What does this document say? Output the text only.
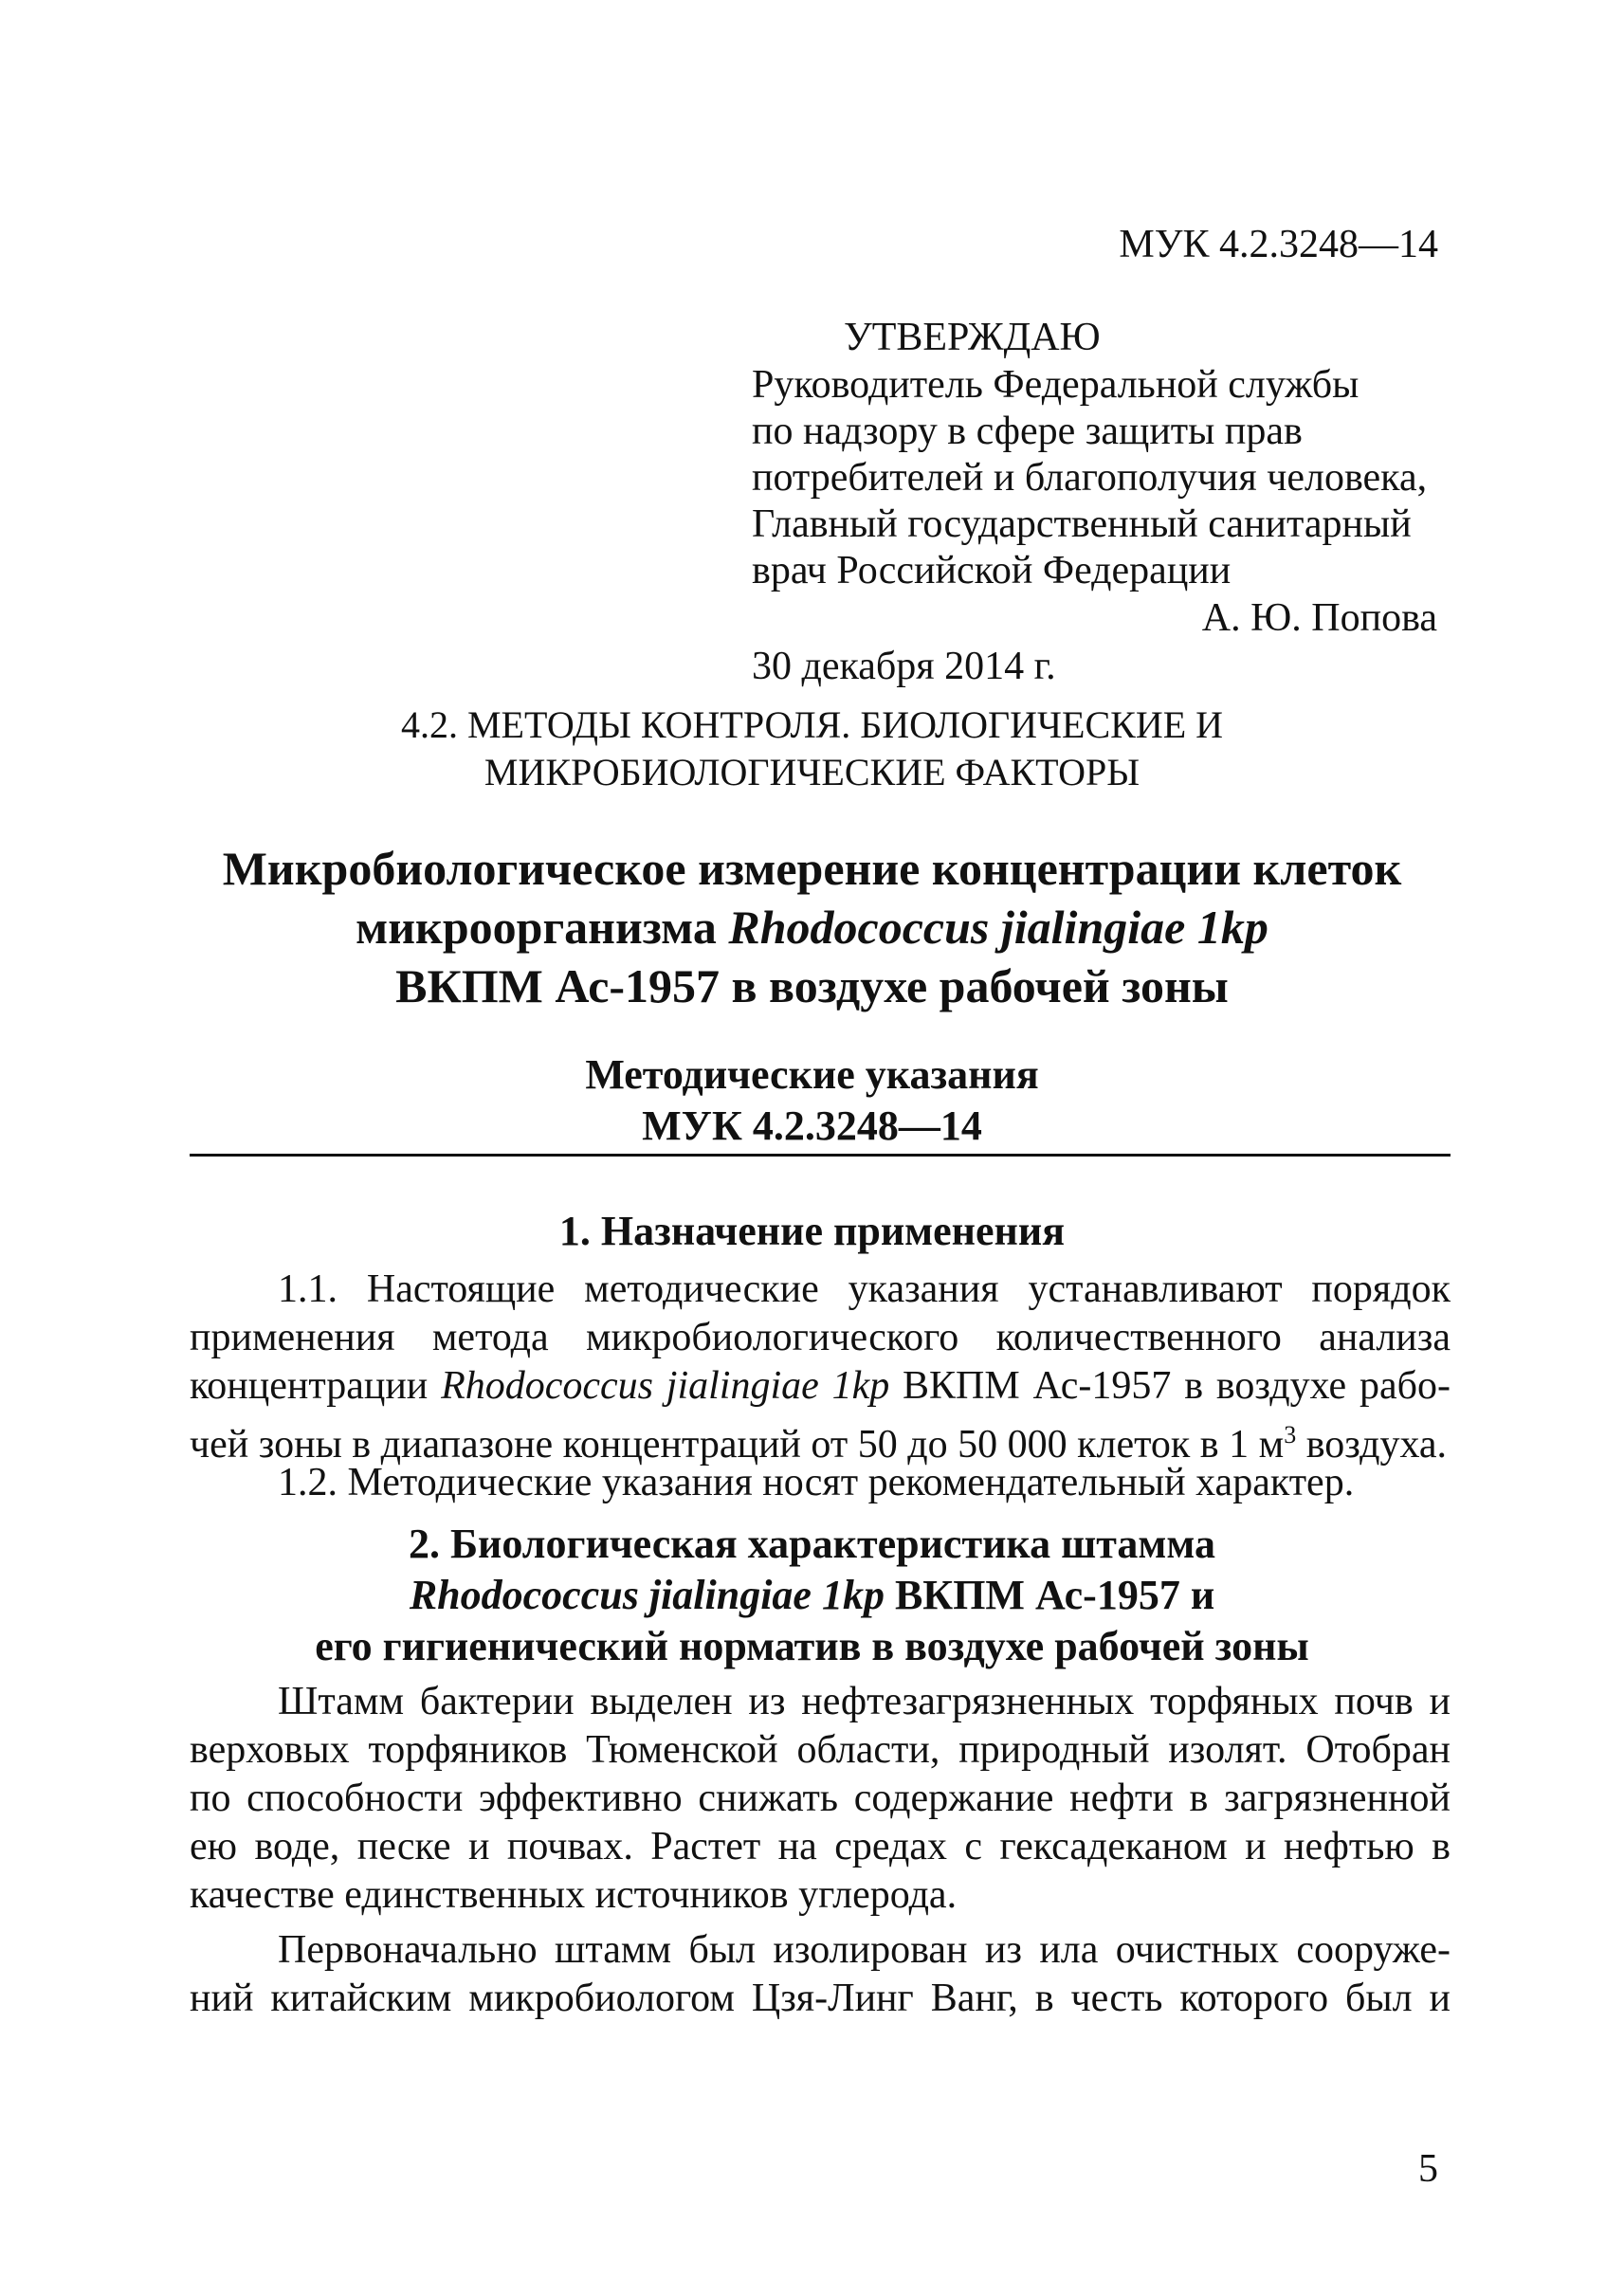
МУК 4.2.3248—14
УТВЕРЖДАЮ
Руководитель Федеральной службы
по надзору в сфере защиты прав
потребителей и благополучия человека,
Главный государственный санитарный
врач Российской Федерации
А. Ю. Попова
30 декабря 2014 г.
4.2. МЕТОДЫ КОНТРОЛЯ. БИОЛОГИЧЕСКИЕ И
МИКРОБИОЛОГИЧЕСКИЕ ФАКТОРЫ
Микробиологическое измерение концентрации клеток
микроорганизма Rhodococcus jialingiae 1kp
ВКПМ Ас-1957 в воздухе рабочей зоны
Методические указания
МУК 4.2.3248—14
1. Назначение применения
1.1. Настоящие методические указания устанавливают порядок
применения метода микробиологического количественного анализа
концентрации Rhodococcus jialingiae 1kp ВКПМ Ас-1957 в воздухе рабо-
чей зоны в диапазоне концентраций от 50 до 50 000 клеток в 1 $м^3$ воздуха.
1.2. Методические указания носят рекомендательный характер.
2. Биологическая характеристика штамма
Rhodococcus jialingiae 1kp ВКПМ Ас-1957 и
его гигиенический норматив в воздухе рабочей зоны
Штамм бактерии выделен из нефтезагрязненных торфяных почв и
верховых торфяников Тюменской области, природный изолят. Отобран
по способности эффективно снижать содержание нефти в загрязненной
ею воде, песке и почвах. Растет на средах с гексадеканом и нефтью в
качестве единственных источников углерода.
Первоначально штамм был изолирован из ила очистных сооруже-
ний китайским микробиологом Цзя-Линг Ванг, в честь которого был и
5
